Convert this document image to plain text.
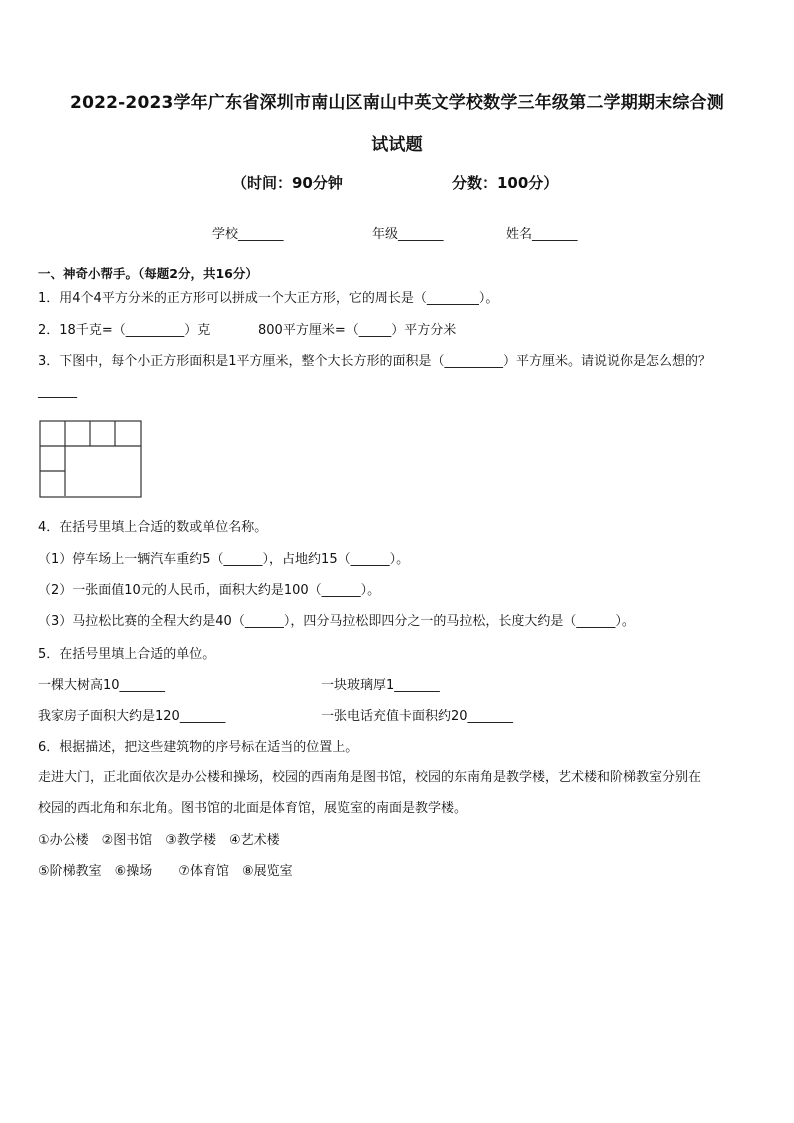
2022-2023学年广东省深圳市南山区南山中英文学校数学三年级第二学期期末综合测
试试题
（时间：90分钟	分数：100分）
学校_______	年级_______	姓名_______
一、神奇小帮手。（每题2分，共16分）
1．用4个4平方分米的正方形可以拼成一个大正方形，它的周长是（________）。
2．18千克=（_________）克	800平方厘米=（_____）平方分米
3．下图中，每个小正方形面积是1平方厘米，整个大长方形的面积是（_________）平方厘米。请说说你是怎么想的？
______
4．在括号里填上合适的数或单位名称。
（1）停车场上一辆汽车重约5（______），占地约15（______）。
（2）一张面值10元的人民币，面积大约是100（______）。
（3）马拉松比赛的全程大约是40（______），四分马拉松即四分之一的马拉松，长度大约是（______）。
5．在括号里填上合适的单位。
一棵大树高10_______	一块玻璃厚1_______
我家房子面积大约是120_______	一张电话充值卡面积约20_______
6．根据描述，把这些建筑物的序号标在适当的位置上。
走进大门，正北面依次是办公楼和操场，校园的西南角是图书馆，校园的东南角是教学楼，艺术楼和阶梯教室分别在
校园的西北角和东北角。图书馆的北面是体育馆，展览室的南面是教学楼。
①办公楼　②图书馆　③教学楼　④艺术楼
⑤阶梯教室　⑥操场　　⑦体育馆　⑧展览室
